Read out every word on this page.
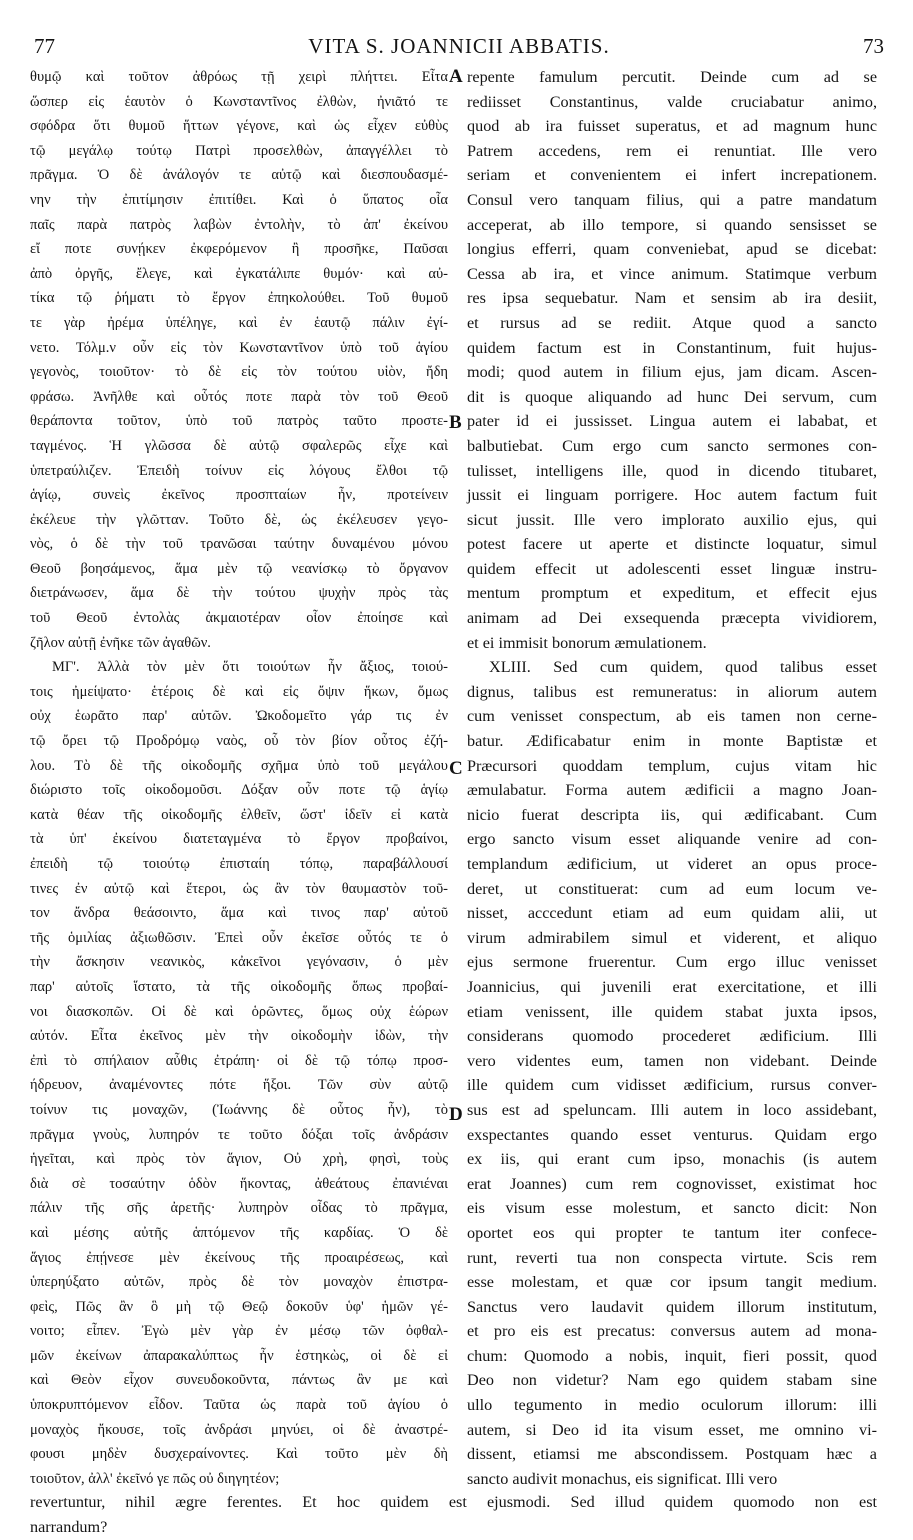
77	VITA S. JOANNICII ABBATIS.	73
θυμῷ καὶ τοῦτον ἀθρόως τῇ χειρὶ πλήττει. Εἶτα
ὥσπερ εἰς ἑαυτὸν ὁ Κωνσταντῖνος ἐλθὼν, ἠνιᾶτό τε
σφόδρα ὅτι θυμοῦ ἥττων γέγονε, καὶ ὡς εἶχεν εὐθὺς
τῷ μεγάλῳ τούτῳ Πατρὶ προσελθὼν, ἀπαγγέλλει τὸ
πρᾶγμα. Ὁ δὲ ἀνάλογόν τε αὐτῷ καὶ διεσπουδασμέ-
νην τὴν ἐπιτίμησιν ἐπιτίθει. Καὶ ὁ ὕπατος οἷα
παῖς παρὰ πατρὸς λαβὼν ἐντολὴν, τὸ ἀπ' ἐκείνου
εἴ ποτε συνῄκεν ἐκφερόμενον ἢ προσῆκε, Παῦσαι
ἀπὸ ὀργῆς, ἔλεγε, καὶ ἐγκατάλιπε θυμόν· καὶ αὐ-
τίκα τῷ ῥήματι τὸ ἔργον ἐπηκολούθει. Τοῦ θυμοῦ
τε γὰρ ἠρέμα ὑπέληγε, καὶ ἐν ἑαυτῷ πάλιν ἐγί-
νετο. Τόλμ.ν οὖν εἰς τὸν Κωνσταντῖνον ὑπὸ τοῦ ἁγίου
γεγονὸς, τοιοῦτον· τὸ δὲ εἰς τὸν τούτου υἱὸν, ἤδη
φράσω. Ἀνῆλθε καὶ οὗτός ποτε παρὰ τὸν τοῦ Θεοῦ
θεράποντα τοῦτον, ὑπὸ τοῦ πατρὸς ταῦτο προστε-
ταγμένος. Ἡ γλῶσσα δὲ αὐτῷ σφαλερῶς εἶχε καὶ
ὑπετραύλιζεν. Ἐπειδὴ τοίνυν εἰς λόγους ἔλθοι τῷ
ἁγίῳ, συνεὶς ἐκεῖνος προσπταίων ἦν, προτείνειν
ἐκέλευε τὴν γλῶτταν. Τοῦτο δὲ, ὡς ἐκέλευσεν γεγο-
νὸς, ὁ δὲ τὴν τοῦ τρανῶσαι ταύτην δυναμένου μόνου
Θεοῦ βοησάμενος, ἅμα μὲν τῷ νεανίσκῳ τὸ ὄργανον
διετράνωσεν, ἅμα δὲ τὴν τούτου ψυχὴν πρὸς τὰς
τοῦ Θεοῦ ἐντολὰς ἀκμαιοτέραν οἷον ἐποίησε καὶ
ζῆλον αὐτῇ ἐνῆκε τῶν ἀγαθῶν.
ΜΓ'. Ἀλλὰ τὸν μὲν ὅτι τοιούτων ἦν ἄξιος, τοιού-
τοις ἠμείψατο· ἑτέροις δὲ καὶ εἰς ὄψιν ἥκων, ὅμως
οὐχ ἑωρᾶτο παρ' αὐτῶν. Ὠκοδομεῖτο γάρ τις ἐν
τῷ ὄρει τῷ Προδρόμῳ ναὸς, οὗ τὸν βίον οὗτος ἐζή-
λου. Τὸ δὲ τῆς οἰκοδομῆς σχῆμα ὑπὸ τοῦ μεγάλου
διώριστο τοῖς οἰκοδομοῦσι. Δόξαν οὖν ποτε τῷ ἁγίῳ
κατὰ θέαν τῆς οἰκοδομῆς ἐλθεῖν, ὥστ' ἰδεῖν εἰ κατὰ
τὰ ὑπ' ἐκείνου διατεταγμένα τὸ ἔργον προβαίνοι,
ἐπειδὴ τῷ τοιούτῳ ἐπισταίη τόπῳ, παραβάλλουσί
τινες ἐν αὐτῷ καὶ ἕτεροι, ὡς ἂν τὸν θαυμαστὸν τοῦ-
τον ἄνδρα θεάσοιντο, ἅμα καὶ τινος παρ' αὐτοῦ
τῆς ὁμιλίας ἀξιωθῶσιν. Ἐπεὶ οὖν ἐκεῖσε οὗτός τε ὁ
τὴν ἄσκησιν νεανικὸς, κἀκεῖνοι γεγόνασιν, ὁ μὲν
παρ' αὐτοῖς ἵστατο, τὰ τῆς οἰκοδομῆς ὅπως προβαί-
νοι διασκοπῶν. Οἱ δὲ καὶ ὁρῶντες, ὅμως οὐχ ἑώρων
αὐτόν. Εἶτα ἐκεῖνος μὲν τὴν οἰκοδομὴν ἰδὼν, τὴν
ἐπὶ τὸ σπήλαιον αὖθις ἐτράπη· οἱ δὲ τῷ τόπῳ προσ-
ήδρευον, ἀναμένοντες πότε ἥξοι. Τῶν σὺν αὐτῷ
τοίνυν τις μοναχῶν, (Ἰωάννης δὲ οὗτος ἦν), τὸ
πρᾶγμα γνοὺς, λυπηρόν τε τοῦτο δόξαι τοῖς ἀνδράσιν
ἡγεῖται, καὶ πρὸς τὸν ἅγιον, Οὐ χρὴ, φησὶ, τοὺς
διὰ σὲ τοσαύτην ὁδὸν ἥκοντας, ἀθεάτους ἐπανιέναι
πάλιν τῆς σῆς ἀρετῆς· λυπηρὸν οἶδας τὸ πρᾶγμα,
καὶ μέσης αὐτῆς ἁπτόμενον τῆς καρδίας. Ὁ δὲ
ἅγιος ἐπῄνεσε μὲν ἐκείνους τῆς προαιρέσεως, καὶ
ὑπερηύξατο αὐτῶν, πρὸς δὲ τὸν μοναχὸν ἐπιστρα-
φεὶς, Πῶς ἂν ὃ μὴ τῷ Θεῷ δοκοῦν ὑφ' ἡμῶν γέ-
νοιτο; εἶπεν. Ἐγὼ μὲν γὰρ ἐν μέσῳ τῶν ὀφθαλ-
μῶν ἐκείνων ἀπαρακαλύπτως ἦν ἑστηκὼς, οἱ δὲ εἰ
καὶ Θεὸν εἶχον συνευδοκοῦντα, πάντως ἂν με καὶ
ὑποκρυπτόμενον εἶδον. Ταῦτα ὡς παρὰ τοῦ ἁγίου ὁ
μοναχὸς ἤκουσε, τοῖς ἀνδράσι μηνύει, οἱ δὲ ἀναστρέ-
φουσι μηδὲν δυσχεραίνοντες. Καὶ τοῦτο μὲν δὴ
τοιοῦτον, ἀλλ' ἐκεῖνό γε πῶς οὐ διηγητέον;
repente famulum percutit. Deinde cum ad se
rediisset Constantinus, valde cruciabatur animo,
quod ab ira fuisset superatus, et ad magnum hunc
Patrem accedens, rem ei renuntiat. Ille vero
seriam et convenientem ei infert increpationem.
Consul vero tanquam filius, qui a patre mandatum
acceperat, ab illo tempore, si quando sensisset se
longius efferri, quam conveniebat, apud se dicebat:
Cessa ab ira, et vince animum. Statimque verbum
res ipsa sequebatur. Nam et sensim ab ira desiit,
et rursus ad se rediit. Atque quod a sancto
quidem factum est in Constantinum, fuit hujus-
modi; quod autem in filium ejus, jam dicam. Ascen-
dit is quoque aliquando ad hunc Dei servum, cum
pater id ei jussisset. Lingua autem ei lababat, et
balbutiebat. Cum ergo cum sancto sermones con-
tulisset, intelligens ille, quod in dicendo titubaret,
jussit ei linguam porrigere. Hoc autem factum fuit
sicut jussit. Ille vero implorato auxilio ejus, qui
potest facere ut aperte et distincte loquatur, simul
quidem effecit ut adolescenti esset linguæ instru-
mentum promptum et expeditum, et effecit ejus
animam ad Dei exsequenda præcepta vividiorem,
et ei immisit bonorum æmulationem.
XLIII. Sed cum quidem, quod talibus esset
dignus, talibus est remuneratus: in aliorum autem
cum venisset conspectum, ab eis tamen non cerne-
batur. Ædificabatur enim in monte Baptistæ et
Præcursori quoddam templum, cujus vitam hic
æmulabatur. Forma autem ædificii a magno Joan-
nicio fuerat descripta iis, qui ædificabant. Cum
ergo sancto visum esset aliquande venire ad con-
templandum ædificium, ut videret an opus proce-
deret, ut constituerat: cum ad eum locum ve-
nisset, acccedunt etiam ad eum quidam alii, ut
virum admirabilem simul et viderent, et aliquo
ejus sermone fruerentur. Cum ergo illuc venisset
Joannicius, qui juvenili erat exercitatione, et illi
etiam venissent, ille quidem stabat juxta ipsos,
considerans quomodo procederet ædificium. Illi
vero videntes eum, tamen non videbant. Deinde
ille quidem cum vidisset ædificium, rursus conver-
sus est ad speluncam. Illi autem in loco assidebant,
exspectantes quando esset venturus. Quidam ergo
ex iis, qui erant cum ipso, monachis (is autem
erat Joannes) cum rem cognovisset, existimat hoc
eis visum esse molestum, et sancto dicit: Non
oportet eos qui propter te tantum iter confece-
runt, reverti tua non conspecta virtute. Scis rem
esse molestam, et quæ cor ipsum tangit medium.
Sanctus vero laudavit quidem illorum institutum,
et pro eis est precatus: conversus autem ad mona-
chum: Quomodo a nobis, inquit, fieri possit, quod
Deo non videtur? Nam ego quidem stabam sine
ullo tegumento in medio oculorum illorum: illi
autem, si Deo id ita visum esset, me omnino vi-
dissent, etiamsi me abscondissem. Postquam hæc a
sancto audivit monachus, eis significat. Illi vero
A
B
C
D
revertuntur, nihil ægre ferentes. Et hoc quidem est ejusmodi. Sed illud quidem quomodo non est
narrandum?
